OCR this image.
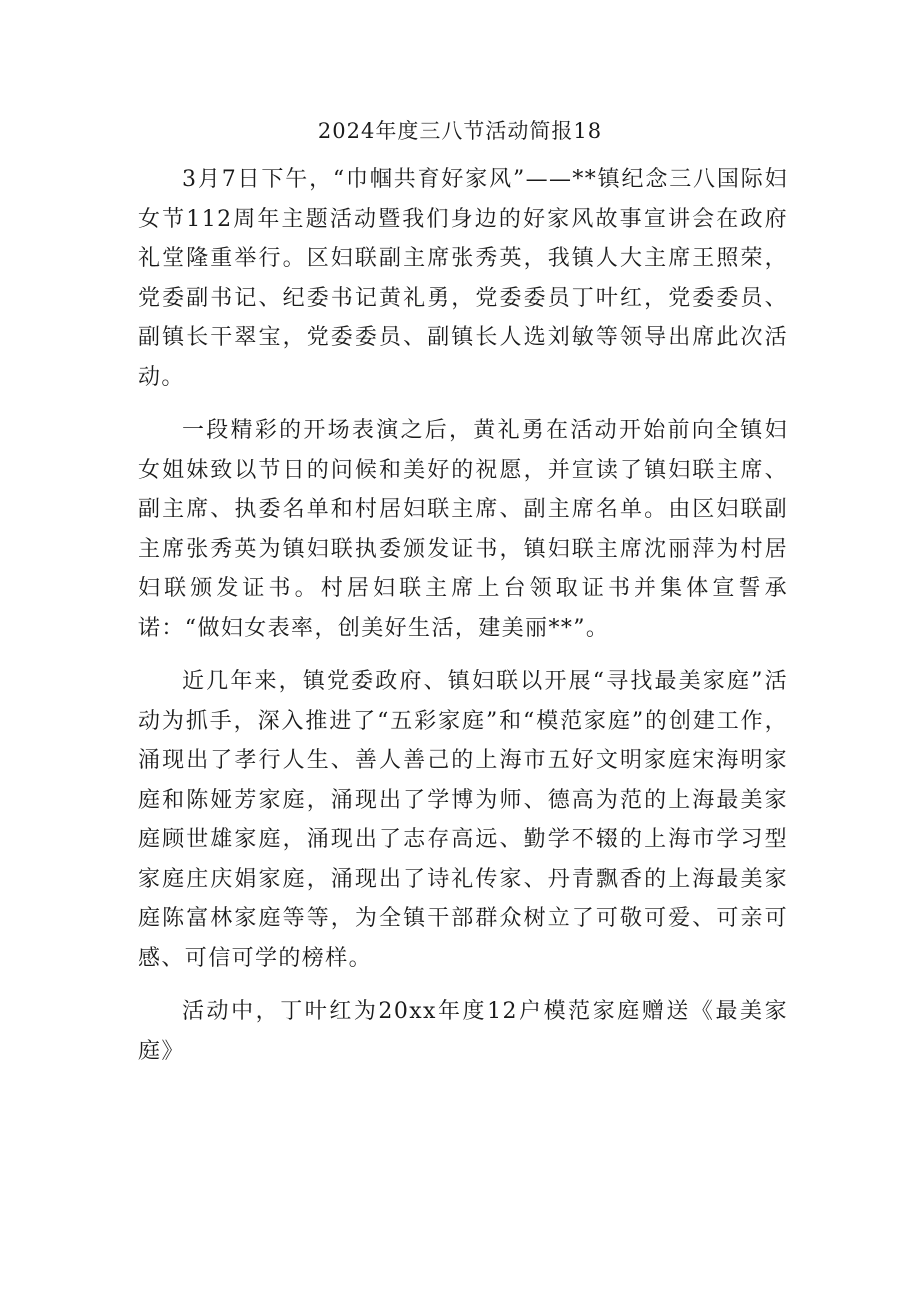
2024年度三八节活动简报18

3月7日下午，“巾帼共育好家风”——**镇纪念三八国际妇女节112周年主题活动暨我们身边的好家风故事宣讲会在政府礼堂隆重举行。区妇联副主席张秀英，我镇人大主席王照荣，党委副书记、纪委书记黄礼勇，党委委员丁叶红，党委委员、副镇长干翠宝，党委委员、副镇长人选刘敏等领导出席此次活动。

一段精彩的开场表演之后，黄礼勇在活动开始前向全镇妇女姐妹致以节日的问候和美好的祝愿，并宣读了镇妇联主席、副主席、执委名单和村居妇联主席、副主席名单。由区妇联副主席张秀英为镇妇联执委颁发证书，镇妇联主席沈丽萍为村居妇联颁发证书。村居妇联主席上台领取证书并集体宣誓承诺：“做妇女表率，创美好生活，建美丽**”。

近几年来，镇党委政府、镇妇联以开展“寻找最美家庭”活动为抓手，深入推进了“五彩家庭”和“模范家庭”的创建工作，涌现出了孝行人生、善人善己的上海市五好文明家庭宋海明家庭和陈娅芳家庭，涌现出了学博为师、德高为范的上海最美家庭顾世雄家庭，涌现出了志存高远、勤学不辍的上海市学习型家庭庄庆娟家庭，涌现出了诗礼传家、丹青飘香的上海最美家庭陈富林家庭等等，为全镇干部群众树立了可敬可爱、可亲可感、可信可学的榜样。

活动中，丁叶红为20xx年度12户模范家庭赠送《最美家庭》
